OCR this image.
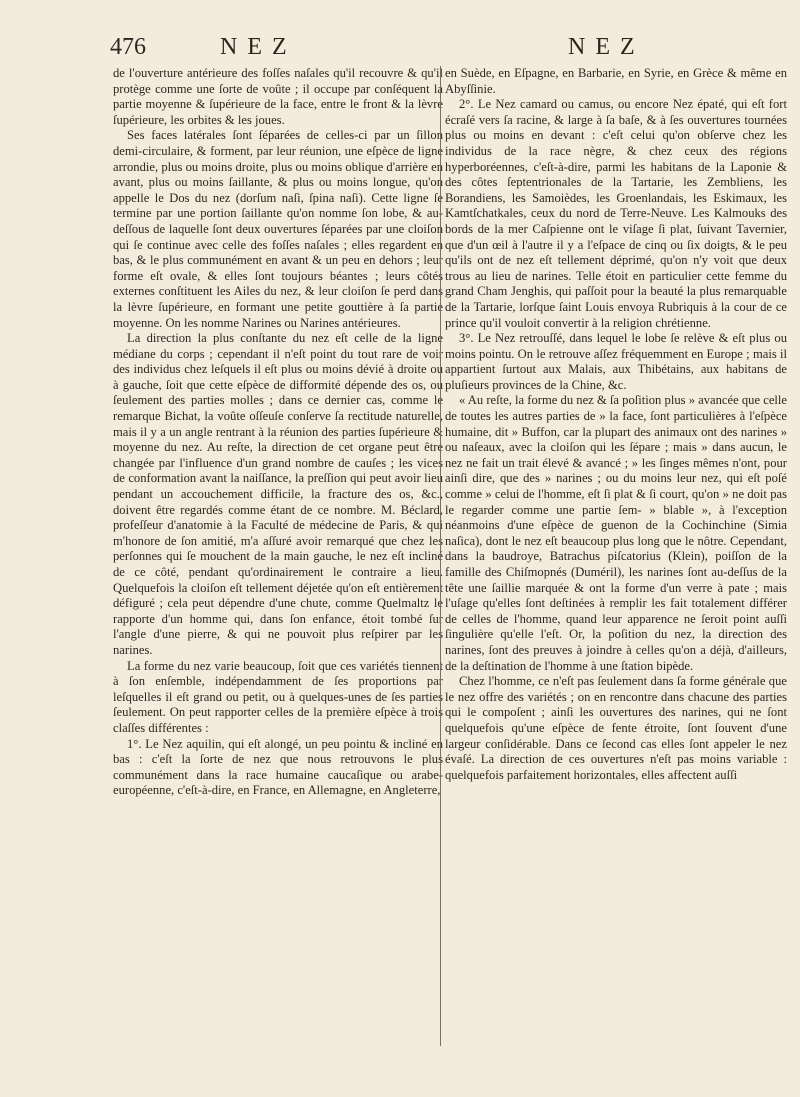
476	NEZ	NEZ

de l'ouverture antérieure des foſſes naſales qu'il recouvre & qu'il protège comme une ſorte de voûte ; il occupe par conſéquent la partie moyenne & ſupérieure de la face, entre le front & la lèvre ſupérieure, les orbites & les joues.

Ses faces latérales ſont ſéparées de celles-ci par un ſillon demi-circulaire, & forment, par leur réunion, une eſpèce de ligne arrondie, plus ou moins droite, plus ou moins oblique d'arrière en avant, plus ou moins ſaillante, & plus ou moins longue, qu'on appelle le Dos du nez (dorſum naſi, ſpina naſi). Cette ligne ſe termine par une portion ſaillante qu'on nomme ſon lobe, & au-deſſous de laquelle ſont deux ouvertures ſéparées par une cloiſon qui ſe continue avec celle des foſſes naſales ; elles regardent en bas, & le plus communément en avant & un peu en dehors ; leur forme eſt ovale, & elles ſont toujours béantes ; leurs côtés externes conſtituent les Ailes du nez, & leur cloiſon ſe perd dans la lèvre ſupérieure, en formant une petite gouttière à ſa partie moyenne. On les nomme Narines ou Narines antérieures.

La direction la plus conſtante du nez eſt celle de la ligne médiane du corps ; cependant il n'eſt point du tout rare de voir des individus chez leſquels il eſt plus ou moins dévié à droite ou à gauche, ſoit que cette eſpèce de difformité dépende des os, ou ſeulement des parties molles ; dans ce dernier cas, comme le remarque Bichat, la voûte oſſeuſe conſerve ſa rectitude naturelle, mais il y a un angle rentrant à la réunion des parties ſupérieure & moyenne du nez. Au reſte, la direction de cet organe peut être changée par l'influence d'un grand nombre de cauſes ; les vices de conformation avant la naiſſance, la preſſion qui peut avoir lieu pendant un accouchement difficile, la fracture des os, &c., doivent être regardés comme étant de ce nombre. M. Béclard, profeſſeur d'anatomie à la Faculté de médecine de Paris, & qui m'honore de ſon amitié, m'a aſſuré avoir remarqué que chez les perſonnes qui ſe mouchent de la main gauche, le nez eſt incliné de ce côté, pendant qu'ordinairement le contraire a lieu. Quelquefois la cloiſon eſt tellement déjetée qu'on eſt entièrement défiguré ; cela peut dépendre d'une chute, comme Quelmaltz le rapporte d'un homme qui, dans ſon enfance, étoit tombé ſur l'angle d'une pierre, & qui ne pouvoit plus reſpirer par les narines.

La forme du nez varie beaucoup, ſoit que ces variétés tiennent à ſon enſemble, indépendamment de ſes proportions par leſquelles il eſt grand ou petit, ou à quelques-unes de ſes parties ſeulement. On peut rapporter celles de la première eſpèce à trois claſſes différentes :

1°. Le Nez aquilin, qui eſt alongé, un peu pointu & incliné en bas : c'eſt la ſorte de nez que nous retrouvons le plus communément dans la race humaine caucaſique ou arabe-européenne, c'eſt-à-dire, en France, en Allemagne, en Angleterre,

en Suède, en Eſpagne, en Barbarie, en Syrie, en Grèce & même en Abyſſinie.

2°. Le Nez camard ou camus, ou encore Nez épaté, qui eſt fort écraſé vers ſa racine, & large à ſa baſe, & à ſes ouvertures tournées plus ou moins en devant : c'eſt celui qu'on obſerve chez les individus de la race nègre, & chez ceux des régions hyperboréennes, c'eſt-à-dire, parmi les habitans de la Laponie & des côtes ſeptentrionales de la Tartarie, les Zembliens, les Borandiens, les Samoièdes, les Groenlandais, les Eskimaux, les Kamtſchatkales, ceux du nord de Terre-Neuve. Les Kalmouks des bords de la mer Caſpienne ont le viſage ſi plat, ſuivant Tavernier, que d'un œil à l'autre il y a l'eſpace de cinq ou ſix doigts, & le peu qu'ils ont de nez eſt tellement déprimé, qu'on n'y voit que deux trous au lieu de narines. Telle étoit en particulier cette femme du grand Cham Jenghis, qui paſſoit pour la beauté la plus remarquable de la Tartarie, lorſque ſaint Louis envoya Rubriquis à la cour de ce prince qu'il vouloit convertir à la religion chrétienne.

3°. Le Nez retrouſſé, dans lequel le lobe ſe relève & eſt plus ou moins pointu. On le retrouve aſſez fréquemment en Europe ; mais il appartient ſurtout aux Malais, aux Thibétains, aux habitans de pluſieurs provinces de la Chine, &c.

« Au reſte, la forme du nez & ſa poſition plus » avancée que celle de toutes les autres parties de » la face, ſont particulières à l'eſpèce humaine, dit » Buffon, car la plupart des animaux ont des narines » ou naſeaux, avec la cloiſon qui les ſépare ; mais » dans aucun, le nez ne fait un trait élevé & avancé ; » les ſinges mêmes n'ont, pour ainſi dire, que des » narines ; ou du moins leur nez, qui eſt poſé comme » celui de l'homme, eſt ſi plat & ſi court, qu'on » ne doit pas le regarder comme une partie ſem- » blable », à l'exception néanmoins d'une eſpèce de guenon de la Cochinchine (Simia naſica), dont le nez eſt beaucoup plus long que le nôtre. Cependant, dans la baudroye, Batrachus piſcatorius (Klein), poiſſon de la famille des Chiſmopnés (Duméril), les narines ſont au-deſſus de la tête une ſaillie marquée & ont la forme d'un verre à pate ; mais l'uſage qu'elles ſont deſtinées à remplir les fait totalement différer de celles de l'homme, quand leur apparence ne ſeroit point auſſi ſingulière qu'elle l'eſt. Or, la poſition du nez, la direction des narines, ſont des preuves à joindre à celles qu'on a déjà, d'ailleurs, de la deſtination de l'homme à une ſtation bipède.

Chez l'homme, ce n'eſt pas ſeulement dans ſa forme générale que le nez offre des variétés ; on en rencontre dans chacune des parties qui le compoſent ; ainſi les ouvertures des narines, qui ne ſont quelquefois qu'une eſpèce de fente étroite, ſont ſouvent d'une largeur conſidérable. Dans ce ſecond cas elles ſont appeler le nez évaſé. La direction de ces ouvertures n'eſt pas moins variable : quelquefois parfaitement horizontales, elles affectent auſſi
